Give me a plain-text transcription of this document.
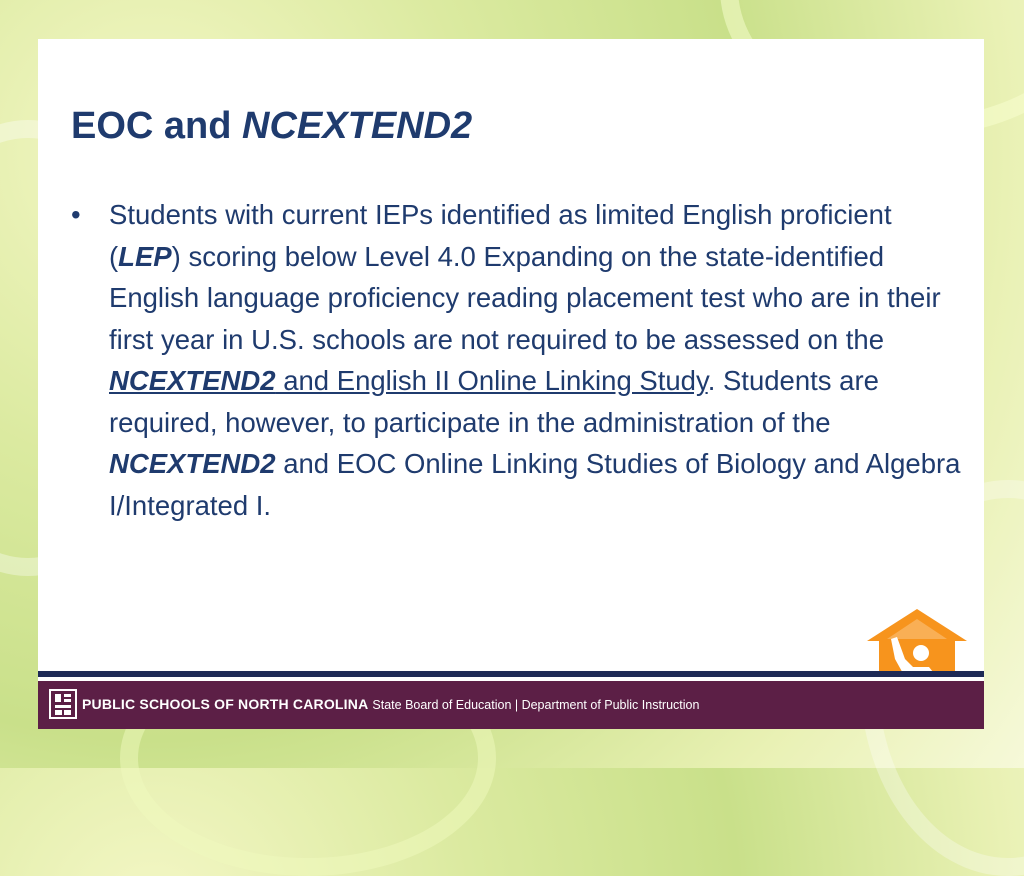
EOC and NCEXTEND2
•	Students with current IEPs identified as limited English proficient (LEP) scoring below Level 4.0 Expanding on the state-identified English language proficiency reading placement test who are in their first year in U.S. schools are not required to be assessed on the NCEXTEND2 and English II Online Linking Study. Students are required, however, to participate in the administration of the NCEXTEND2 and EOC Online Linking Studies of Biology and Algebra I/Integrated I.
PUBLIC SCHOOLS OF NORTH CAROLINA State Board of Education | Department of Public Instruction
